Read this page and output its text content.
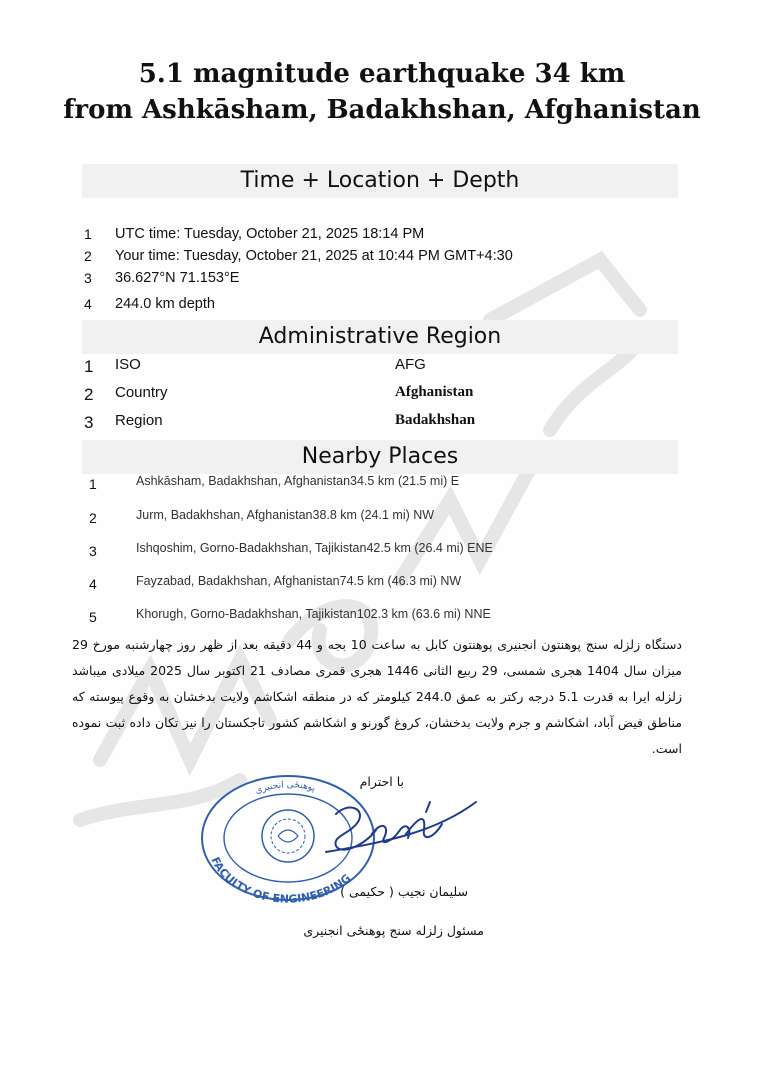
5.1 magnitude earthquake 34 km
from Ashkāsham, Badakhshan, Afghanistan
Time + Location + Depth
1 UTC time: Tuesday, October 21, 2025 18:14 PM
2 Your time: Tuesday, October 21, 2025 at 10:44 PM GMT+4:30
3 36.627°N 71.153°E
4 244.0 km depth
Administrative Region
1 ISO	AFG
2 Country	Afghanistan
3 Region	Badakhshan
Nearby Places
1	Ashkāsham, Badakhshan, Afghanistan34.5 km (21.5 mi) E
2	Jurm, Badakhshan, Afghanistan38.8 km (24.1 mi) NW
3	Ishqoshim, Gorno-Badakhshan, Tajikistan42.5 km (26.4 mi) ENE
4	Fayzabad, Badakhshan, Afghanistan74.5 km (46.3 mi) NW
5	Khorugh, Gorno-Badakhshan, Tajikistan102.3 km (63.6 mi) NNE
دستگاه زلزله سنج پوهنتون انجنیری پوهنتون کابل به ساعت 10 بجه و 44 دقیقه بعد از ظهر روز چهارشنبه مورخ 29 میزان سال 1404 هجری شمسی، 29 ربیع الثانی 1446 هجری قمری مصادف 21 اکتوبر سال 2025 میلادی میباشد زلزله ایرا به قدرت 5.1 درجه رکتر به عمق 244.0 کیلومتر که در منطقه اشکاشم ولایت بدخشان به وقوع پیوسته که مناطق فیض آباد، اشکاشم و جرم ولایت بدخشان، کروغ گورنو و اشکاشم کشور تاجکستان را نیز تکان داده ثبت نموده است.
با احترام
FACULTY OF ENGINEERING
پوهنځی انجنیری
سلیمان نجیب ( حکیمی )
مسئول زلزله سنج پوهنځی انجنیری
